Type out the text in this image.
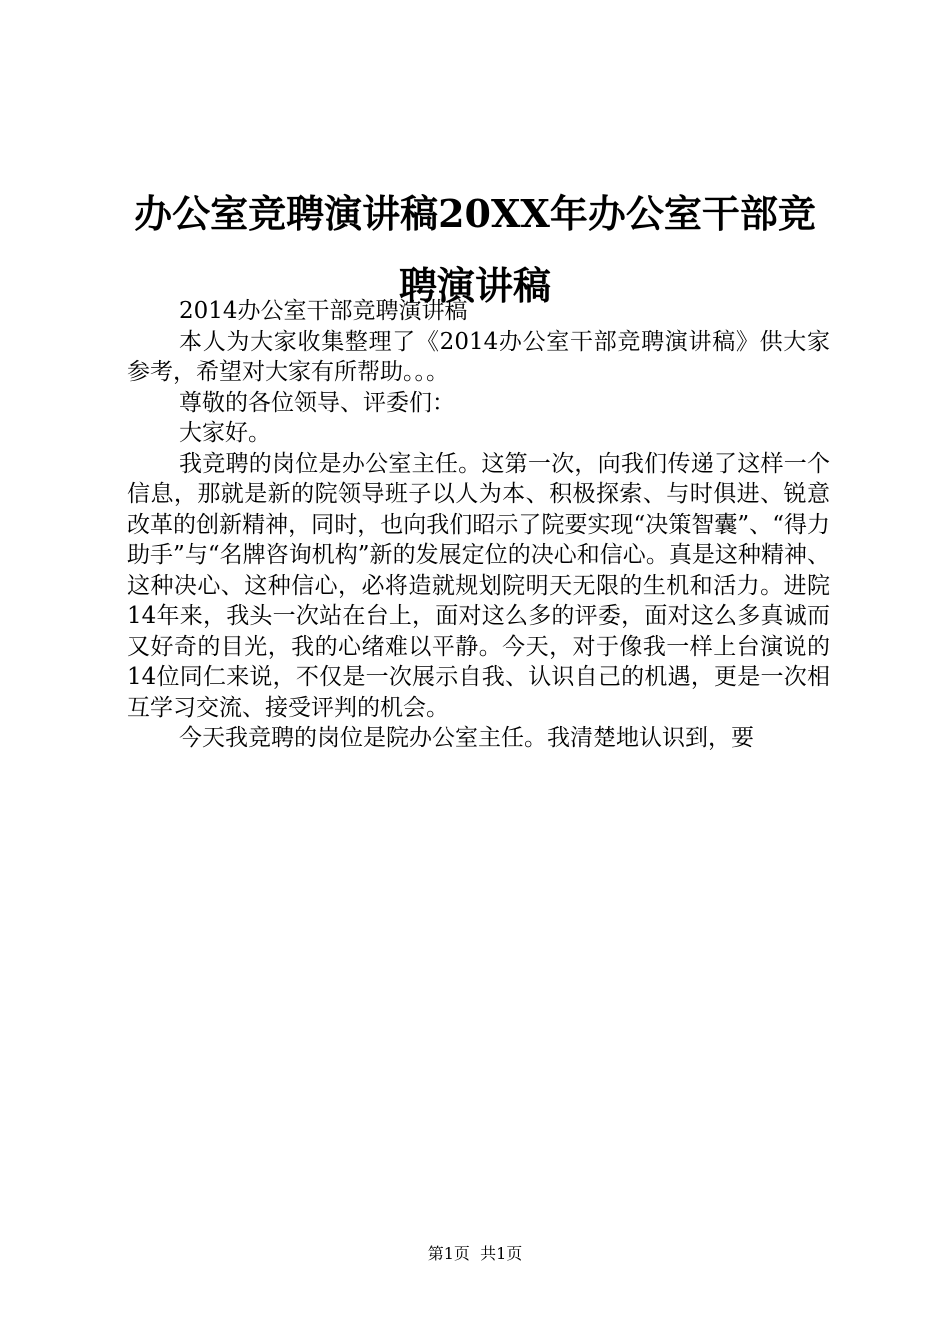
办公室竞聘演讲稿20XX年办公室干部竞聘演讲稿

2014办公室干部竞聘演讲稿

本人为大家收集整理了《2014办公室干部竞聘演讲稿》供大家参考，希望对大家有所帮助。。。

尊敬的各位领导、评委们：

大家好。

我竞聘的岗位是办公室主任。这第一次，向我们传递了这样一个信息，那就是新的院领导班子以人为本、积极探索、与时俱进、锐意改革的创新精神，同时，也向我们昭示了院要实现“决策智囊”、“得力助手”与“名牌咨询机构”新的发展定位的决心和信心。真是这种精神、这种决心、这种信心，必将造就规划院明天无限的生机和活力。进院14年来，我头一次站在台上，面对这么多的评委，面对这么多真诚而又好奇的目光，我的心绪难以平静。今天，对于像我一样上台演说的14位同仁来说，不仅是一次展示自我、认识自己的机遇，更是一次相互学习交流、接受评判的机会。

今天我竞聘的岗位是院办公室主任。我清楚地认识到，要

第1页 共1页
